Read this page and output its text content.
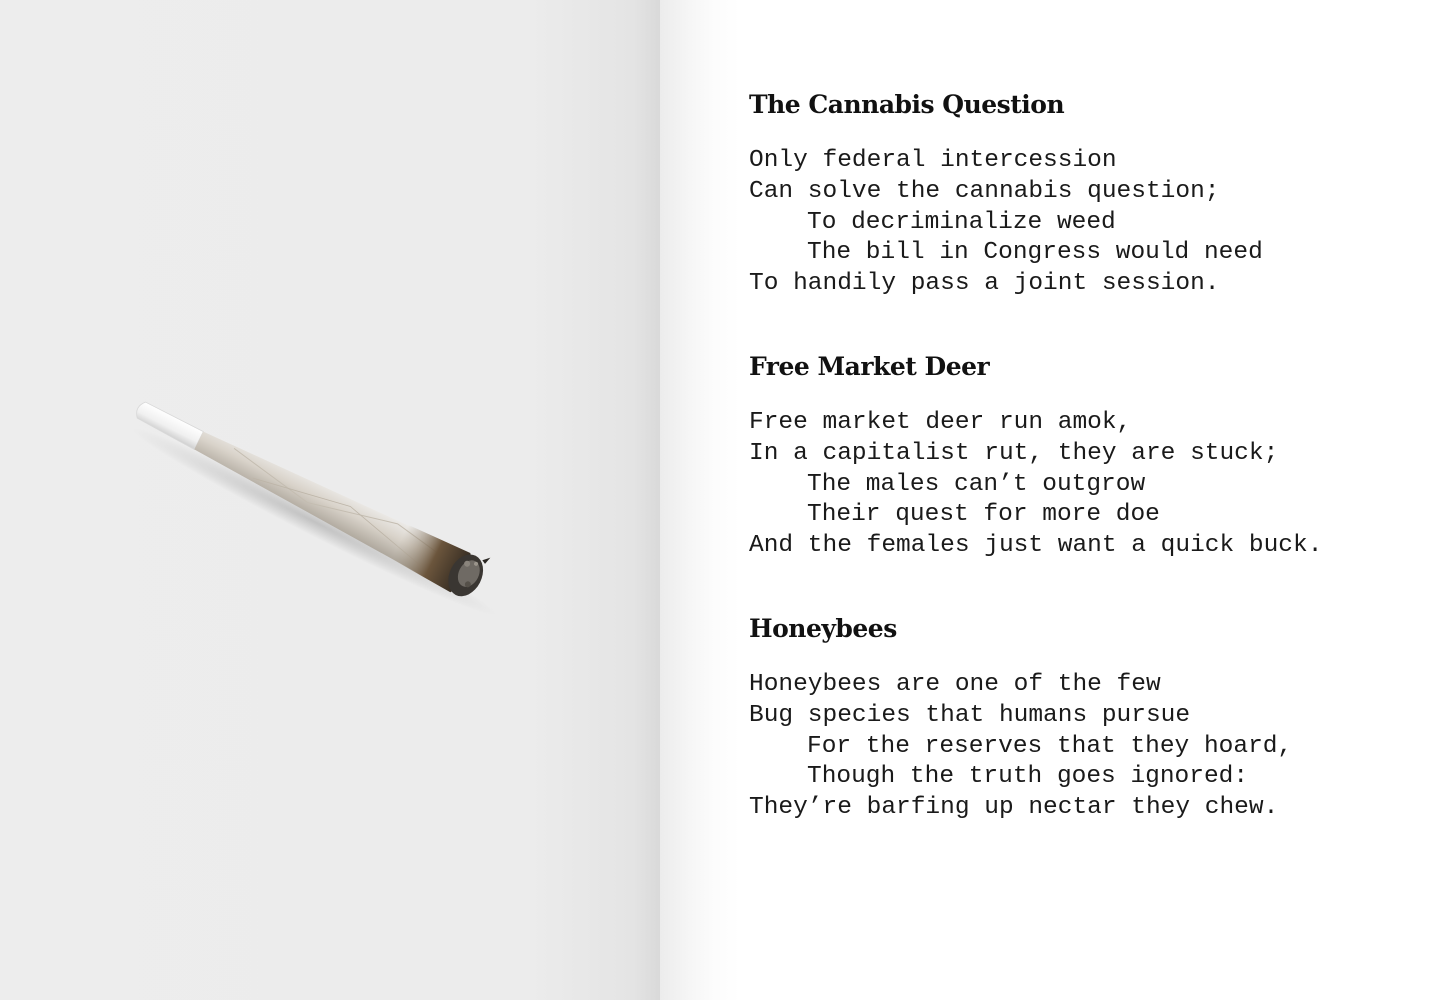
The Cannabis Question
Only federal intercession
Can solve the cannabis question;
To decriminalize weed
The bill in Congress would need
To handily pass a joint session.
Free Market Deer
Free market deer run amok,
In a capitalist rut, they are stuck;
The males can’t outgrow
Their quest for more doe
And the females just want a quick buck.
Honeybees
Honeybees are one of the few
Bug species that humans pursue
For the reserves that they hoard,
Though the truth goes ignored:
They’re barfing up nectar they chew.
